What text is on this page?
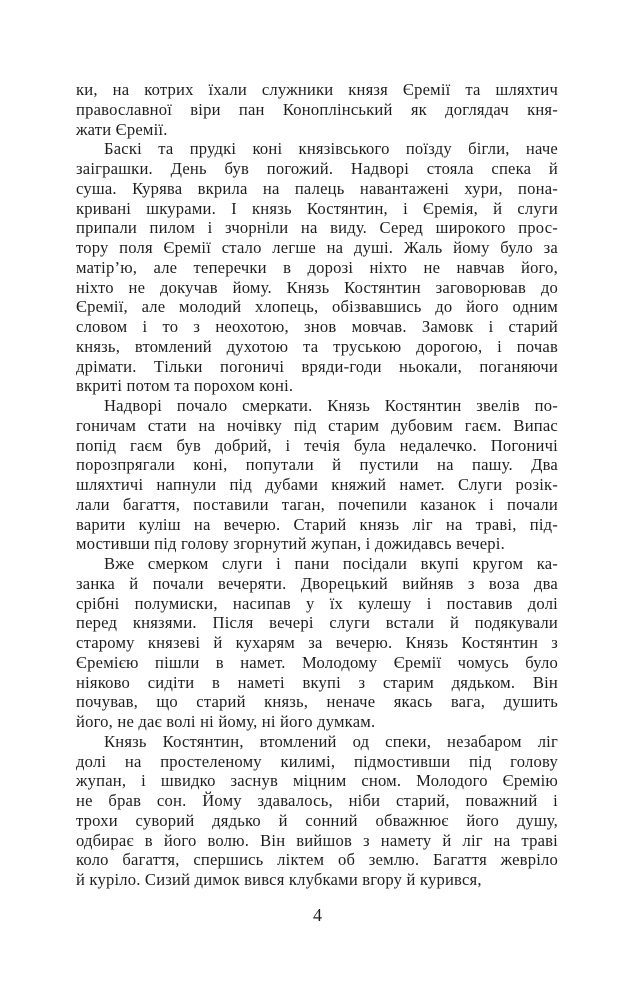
ки, на котрих їхали служники князя Єремії та шляхтич
православної віри пан Коноплінський як доглядач кня-
жати Єремії.
Баскі та прудкі коні князівського поїзду бігли, наче
заіграшки. День був погожий. Надворі стояла спека й
суша. Курява вкрила на палець навантажені хури, пона-
кривані шкурами. І князь Костянтин, і Єремія, й слуги
припали пилом і зчорніли на виду. Серед широкого прос-
тору поля Єремії стало легше на душі. Жаль йому було за
матір’ю, але теперечки в дорозі ніхто не навчав його,
ніхто не докучав йому. Князь Костянтин заговорював до
Єремії, але молодий хлопець, обізвавшись до його одним
словом і то з неохотою, знов мовчав. Замовк і старий
князь, втомлений духотою та труською дорогою, і почав
дрімати. Тільки погоничі вряди-годи ньокали, поганяючи
вкриті потом та порохом коні.
Надворі почало смеркати. Князь Костянтин звелів по-
гоничам стати на ночівку під старим дубовим гаєм. Випас
попід гаєм був добрий, і течія була недалечко. Погоничі
порозпрягали коні, попутали й пустили на пашу. Два
шляхтичі напнули під дубами княжий намет. Слуги розік-
лали багаття, поставили таган, почепили казанок і почали
варити куліш на вечерю. Старий князь ліг на траві, під-
мостивши під голову згорнутий жупан, і дожидавсь вечері.
Вже смерком слуги і пани посідали вкупі кругом ка-
занка й почали вечеряти. Дворецький вийняв з воза два
срібні полумиски, насипав у їх кулешу і поставив долі
перед князями. Після вечері слуги встали й подякували
старому князеві й кухарям за вечерю. Князь Костянтин з
Єремією пішли в намет. Молодому Єремії чомусь було
ніяково сидіти в наметі вкупі з старим дядьком. Він
почував, що старий князь, неначе якась вага, душить
його, не дає волі ні йому, ні його думкам.
Князь Костянтин, втомлений од спеки, незабаром ліг
долі на простеленому килимі, підмостивши під голову
жупан, і швидко заснув міцним сном. Молодого Єремію
не брав сон. Йому здавалось, ніби старий, поважний і
трохи суворий дядько й сонний обважнює його душу,
одбирає в його волю. Він вийшов з намету й ліг на траві
коло багаття, спершись ліктем об землю. Багаття жевріло
й куріло. Сизий димок вився клубками вгору й курився,
4
